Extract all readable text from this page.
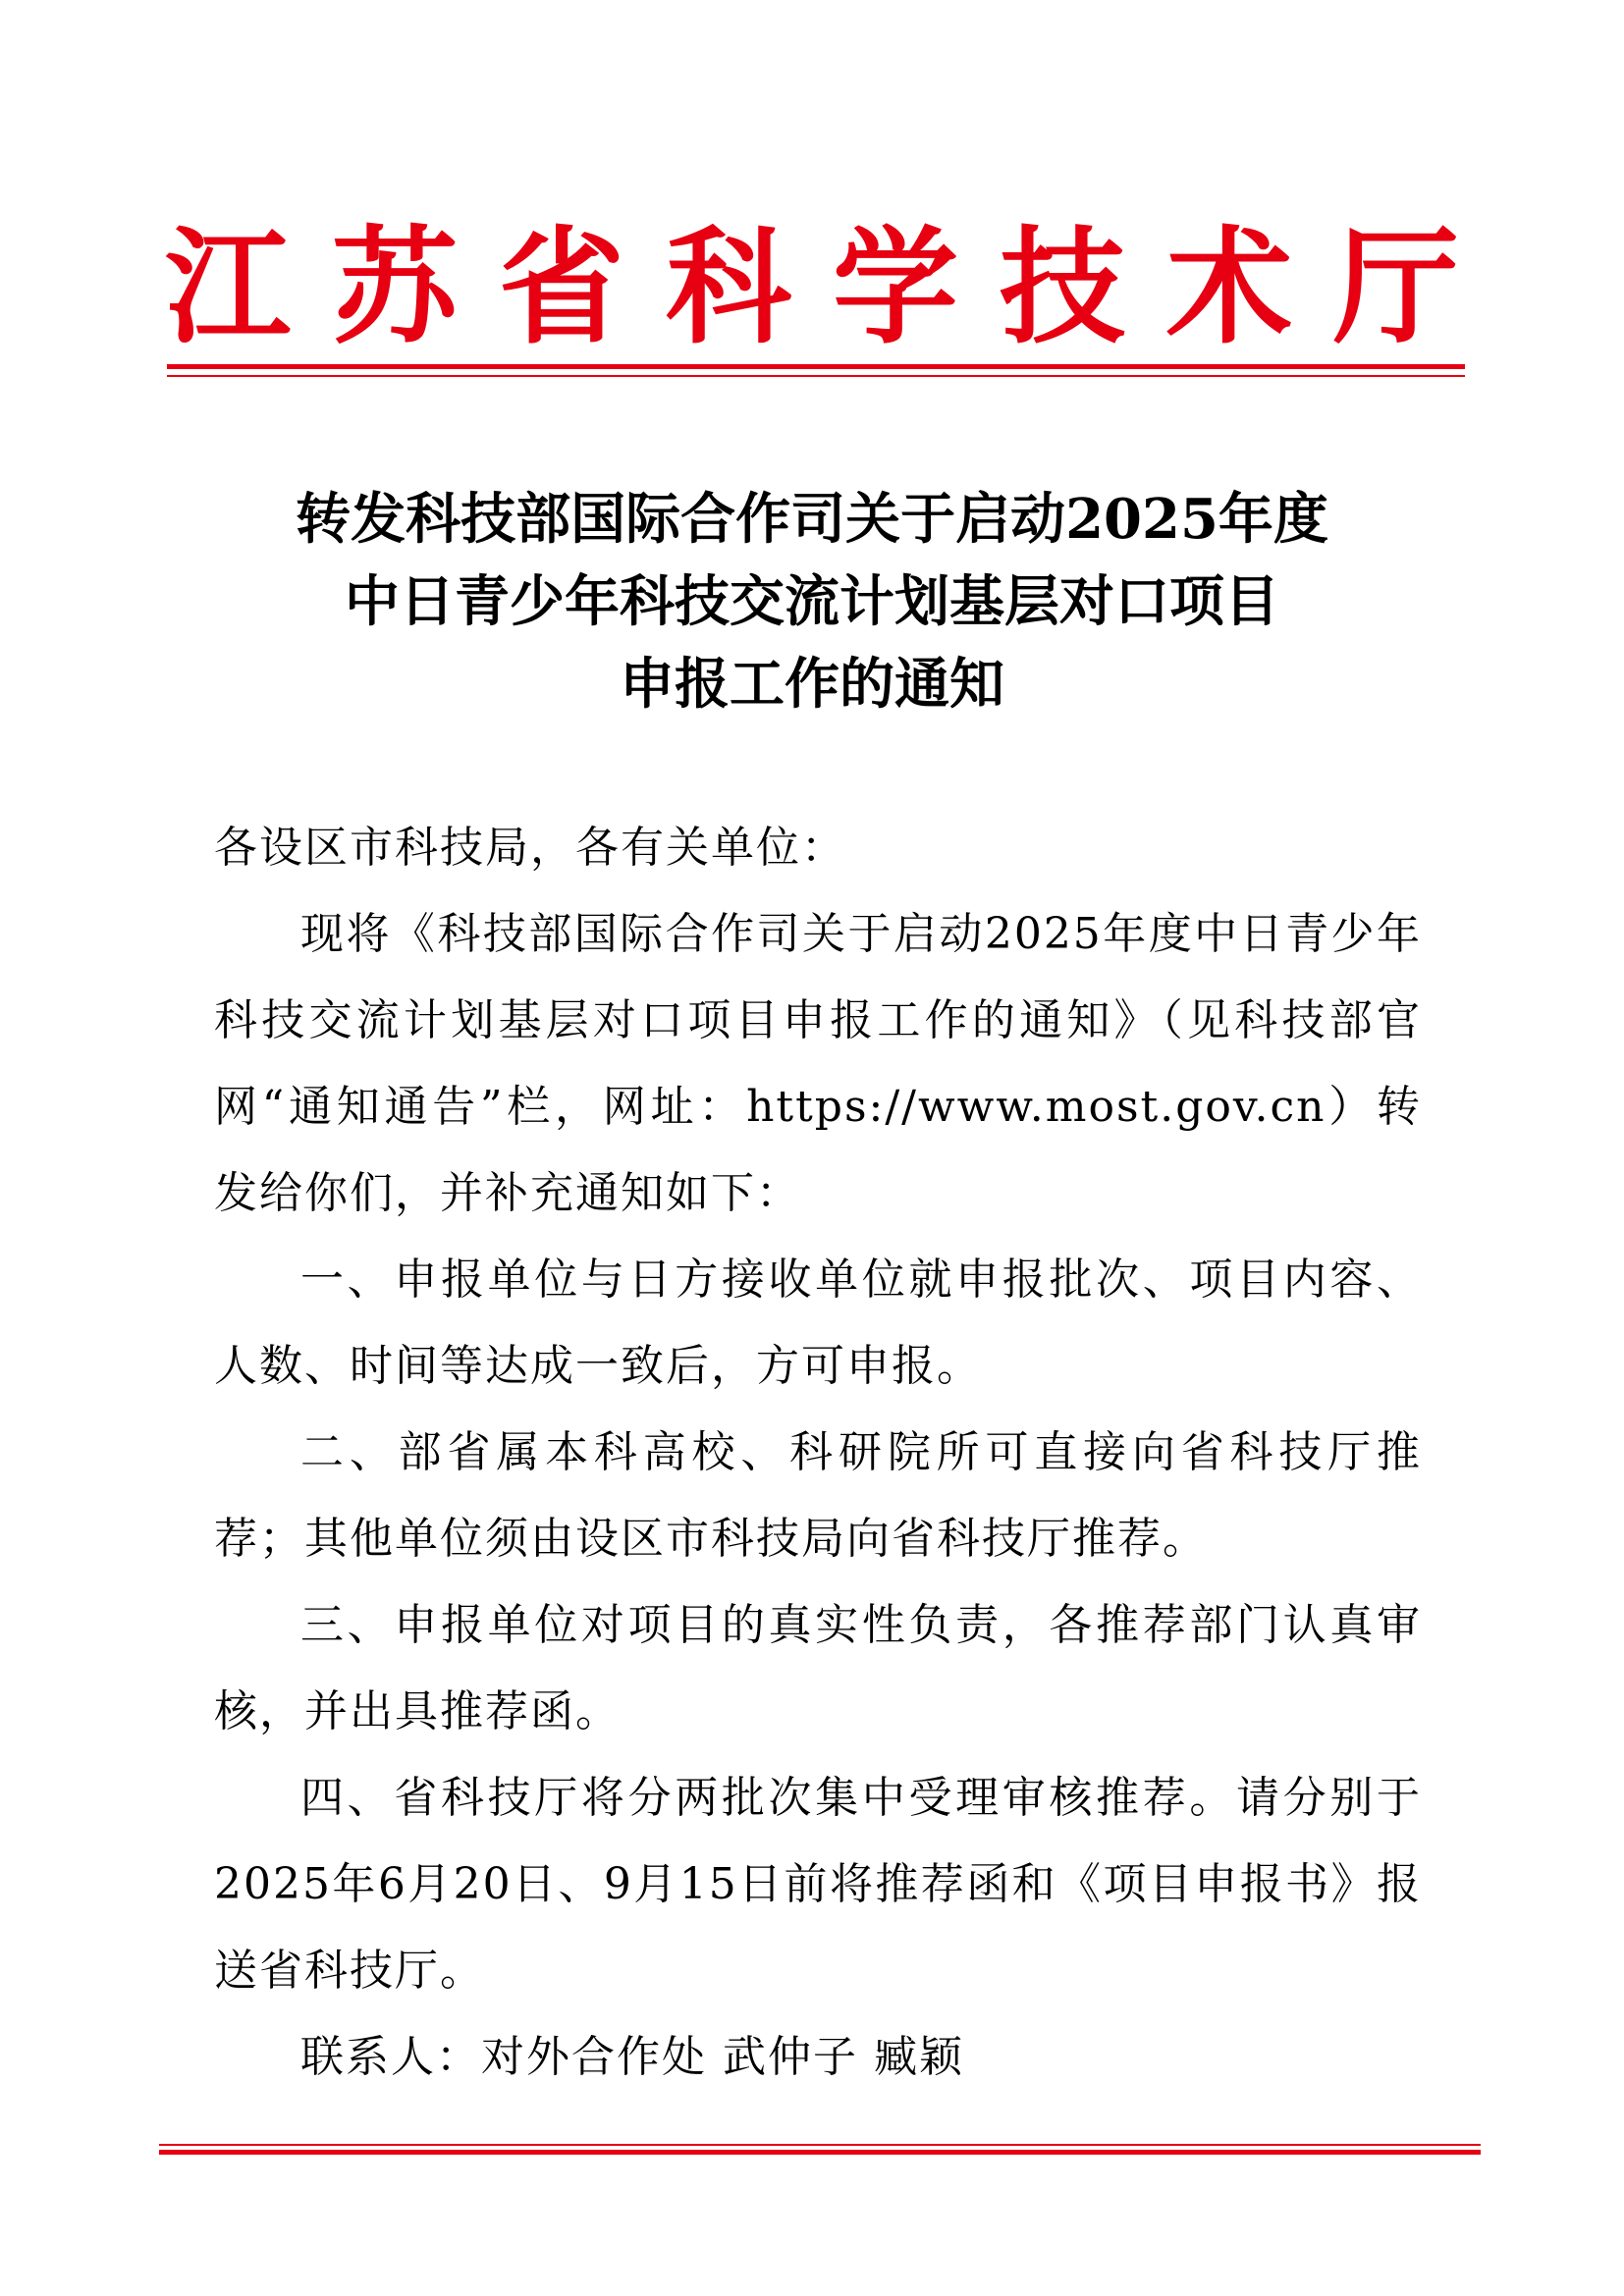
江苏省科学技术厅
转发科技部国际合作司关于启动2025年度
中日青少年科技交流计划基层对口项目
申报工作的通知

各设区市科技局，各有关单位：

现将《科技部国际合作司关于启动2025年度中日青少年科技交流计划基层对口项目申报工作的通知》（见科技部官网“通知通告”栏，网址：https://www.most.gov.cn）转发给你们，并补充通知如下：

一、申报单位与日方接收单位就申报批次、项目内容、人数、时间等达成一致后，方可申报。

二、部省属本科高校、科研院所可直接向省科技厅推荐；其他单位须由设区市科技局向省科技厅推荐。

三、申报单位对项目的真实性负责，各推荐部门认真审核，并出具推荐函。

四、省科技厅将分两批次集中受理审核推荐。请分别于2025年6月20日、9月15日前将推荐函和《项目申报书》报送省科技厅。

联系人：对外合作处 武仲子 臧颖
